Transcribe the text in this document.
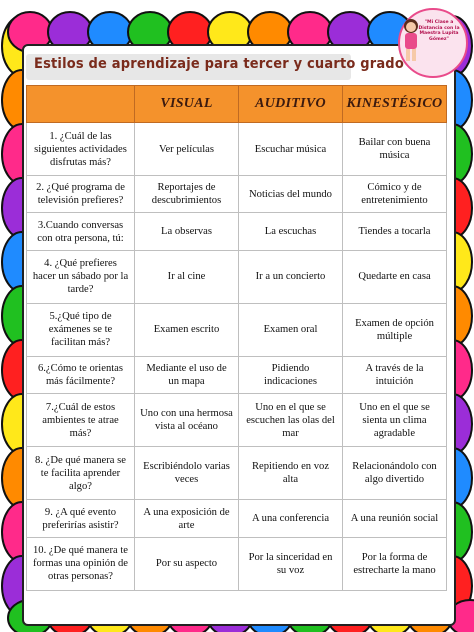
Estilos de aprendizaje para tercer y cuarto grado
"Mi Clase a Distancia con la Maestra Lupita Gómez"
	VISUAL	AUDITIVO	KINESTÉSICO
1. ¿Cuál de las siguientes actividades disfrutas más?	Ver películas	Escuchar música	Bailar con buena música
2. ¿Qué programa de televisión prefieres?	Reportajes de descubrimientos	Noticias del mundo	Cómico y de entretenimiento
3.Cuando conversas con otra persona, tú:	La observas	La escuchas	Tiendes a tocarla
4. ¿Qué prefieres hacer un sábado por la tarde?	Ir al cine	Ir a un concierto	Quedarte en casa
5.¿Qué tipo de exámenes se te facilitan más?	Examen escrito	Examen oral	Examen de opción múltiple
6.¿Cómo te orientas más fácilmente?	Mediante el uso de un mapa	Pidiendo indicaciones	A través de la intuición
7.¿Cuál de estos ambientes te atrae más?	Uno con una hermosa vista al océano	Uno en el que se escuchen las olas del mar	Uno en el que se sienta un clima agradable
8. ¿De qué manera se te facilita aprender algo?	Escribiéndolo varias veces	Repitiendo en voz alta	Relacionándolo con algo divertido
9. ¿A qué evento preferirías asistir?	A una exposición de arte	A una conferencia	A una reunión social
10. ¿De qué manera te formas una opinión de otras personas?	Por su aspecto	Por la sinceridad en su voz	Por la forma de estrecharte la mano
